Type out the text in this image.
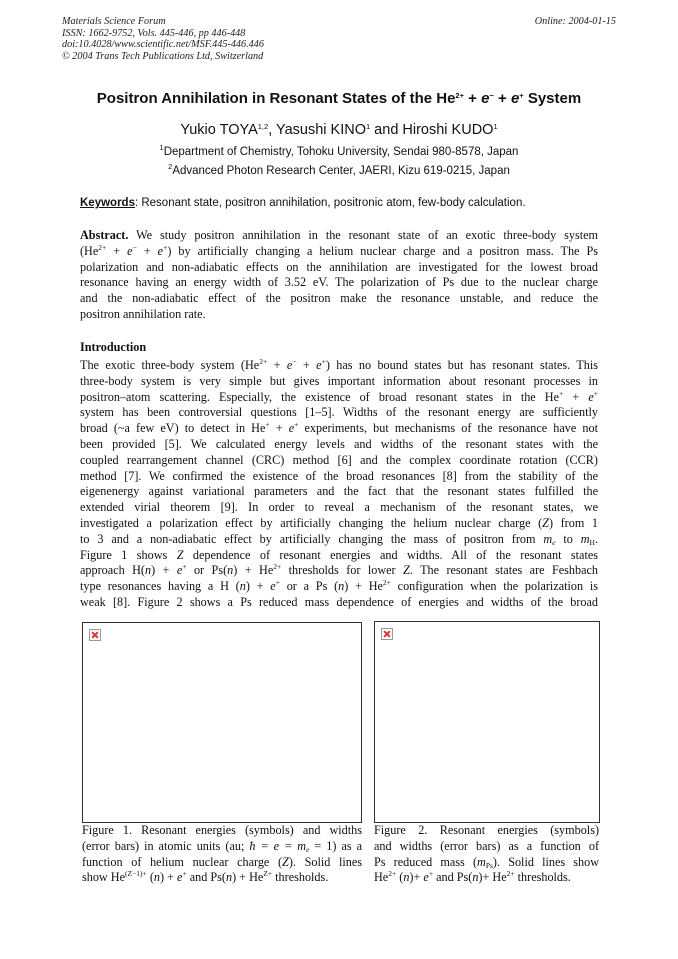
Materials Science Forum
ISSN: 1662-9752, Vols. 445-446, pp 446-448
doi:10.4028/www.scientific.net/MSF.445-446.446
© 2004 Trans Tech Publications Ltd, Switzerland
Online: 2004-01-15
Positron Annihilation in Resonant States of the $He^{2+} + e^- + e^+$ System
Yukio TOYA$^{1,2}$, Yasushi KINO$^1$ and Hiroshi KUDO$^1$
$^1$Department of Chemistry, Tohoku University, Sendai 980-8578, Japan
$^2$Advanced Photon Research Center, JAERI, Kizu 619-0215, Japan
Keywords: Resonant state, positron annihilation, positronic atom, few-body calculation.
Abstract. We study positron annihilation in the resonant state of an exotic three-body system
$(He^{2+} + e^- + e^+)$ by artificially changing a helium nuclear charge and a positron mass. The Ps
polarization and non-adiabatic effects on the annihilation are investigated for the lowest broad
resonance having an energy width of 3.52 eV. The polarization of Ps due to the nuclear charge
and the non-adiabatic effect of the positron make the resonance unstable, and reduce the
positron annihilation rate.
Introduction
The exotic three-body system $(He^{2+} + e^- + e^+)$ has no bound states but has resonant states. This
three-body system is very simple but gives important information about resonant processes in
positron–atom scattering. Especially, the existence of broad resonant states in the He+ + e+
system has been controversial questions [1–5]. Widths of the resonant energy are sufficiently
broad (~a few eV) to detect in He+ + e+ experiments, but mechanisms of the resonance have not
been provided [5]. We calculated energy levels and widths of the resonant states with the
coupled rearrangement channel (CRC) method [6] and the complex coordinate rotation (CCR)
method [7]. We confirmed the existence of the broad resonances [8] from the stability of the
eigenenergy against variational parameters and the fact that the resonant states fulfilled the
extended virial theorem [9]. In order to reveal a mechanism of the resonant states, we
investigated a polarization effect by artificially changing the helium nuclear charge (Z) from 1
to 3 and a non-adiabatic effect by artificially changing the mass of positron from $m_e$ to $m_H$.
Figure 1 shows Z dependence of resonant energies and widths. All of the resonant states
approach H(n) + e+ or $Ps(n) + He^{2+}$ thresholds for lower Z. The resonant states are Feshbach
type resonances having a H (n) + e+ or a Ps $(n) + He^{2+}$ configuration when the polarization is
weak [8]. Figure 2 shows a Ps reduced mass dependence of energies and widths of the broad
Figure 1. Resonant energies (symbols) and widths
(error bars) in atomic units (au; ħ = $e = m_e = 1$) as a
function of helium nuclear charge (Z). Solid lines
show $He^{(Z-1)+}$ (n) + e+ and $Ps(n) + He^{Z+}$ thresholds.
Figure 2. Resonant energies (symbols)
and widths (error bars) as a function of
Ps reduced mass $(m_{Ps})$. Solid lines show
$He^{2+}$ (n)+ e+ and $Ps(n)+ He^{2+}$ thresholds.
